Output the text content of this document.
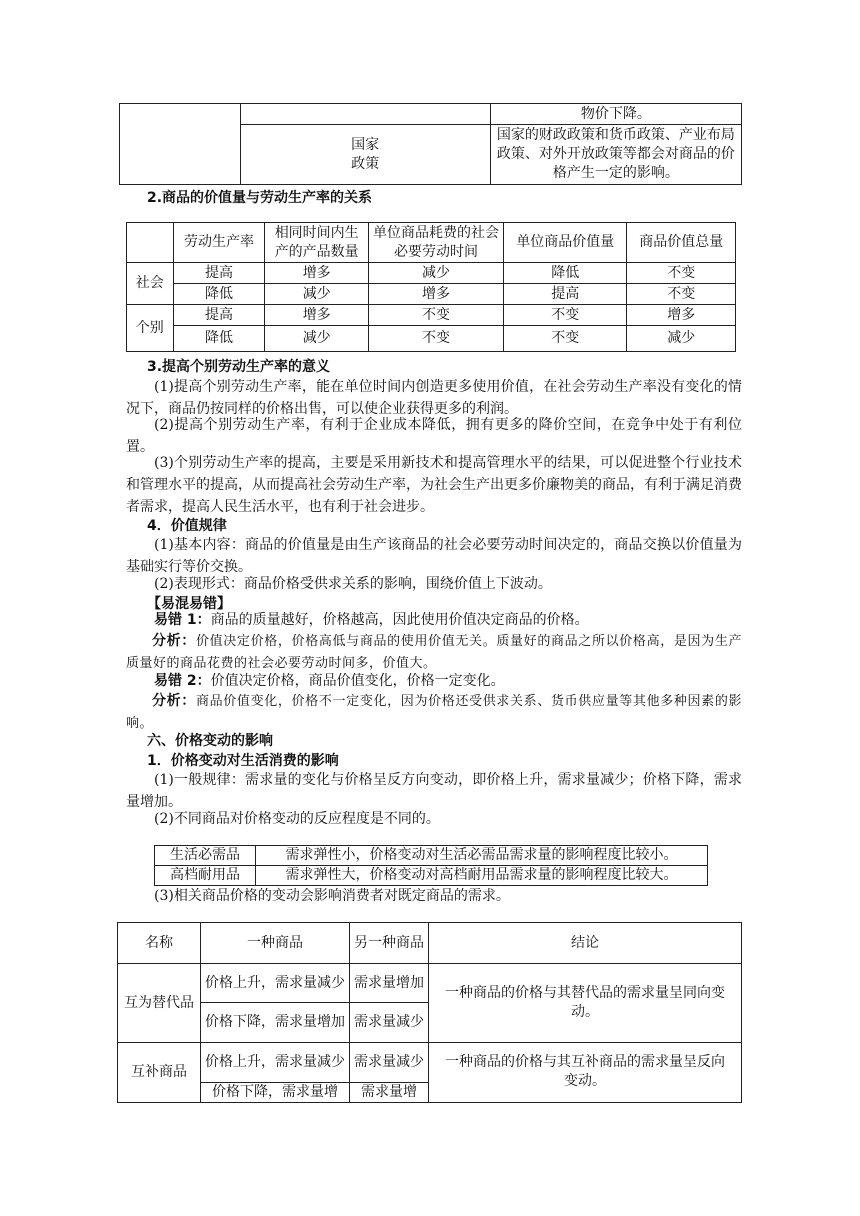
		物价下降。
	国家
政策	国家的财政政策和货币政策、产业布局政策、对外开放政策等都会对商品的价格产生一定的影响。
2.商品的价值量与劳动生产率的关系
	劳动生产率	相同时间内生产的产品数量	单位商品耗费的社会必要劳动时间	单位商品价值量	商品价值总量
社会	提高	增多	减少	降低	不变
	降低	减少	增多	提高	不变
个别	提高	增多	不变	不变	增多
	降低	减少	不变	不变	减少
3.提高个别劳动生产率的意义
(1)提高个别劳动生产率，能在单位时间内创造更多使用价值，在社会劳动生产率没有变化的情况下，商品仍按同样的价格出售，可以使企业获得更多的利润。
(2)提高个别劳动生产率，有利于企业成本降低，拥有更多的降价空间，在竞争中处于有利位置。
(3)个别劳动生产率的提高，主要是采用新技术和提高管理水平的结果，可以促进整个行业技术和管理水平的提高，从而提高社会劳动生产率，为社会生产出更多价廉物美的商品，有利于满足消费者需求，提高人民生活水平，也有利于社会进步。
4．价值规律
(1)基本内容：商品的价值量是由生产该商品的社会必要劳动时间决定的，商品交换以价值量为基础实行等价交换。
(2)表现形式：商品价格受供求关系的影响，围绕价值上下波动。
【易混易错】
易错 1：商品的质量越好，价格越高，因此使用价值决定商品的价格。
分析：价值决定价格，价格高低与商品的使用价值无关。质量好的商品之所以价格高，是因为生产质量好的商品花费的社会必要劳动时间多，价值大。
易错 2：价值决定价格，商品价值变化，价格一定变化。
分析：商品价值变化，价格不一定变化，因为价格还受供求关系、货币供应量等其他多种因素的影响。
六、价格变动的影响
1．价格变动对生活消费的影响
(1)一般规律：需求量的变化与价格呈反方向变动，即价格上升，需求量减少；价格下降，需求量增加。
(2)不同商品对价格变动的反应程度是不同的。
生活必需品	需求弹性小，价格变动对生活必需品需求量的影响程度比较小。
高档耐用品	需求弹性大，价格变动对高档耐用品需求量的影响程度比较大。
(3)相关商品价格的变动会影响消费者对既定商品的需求。
名称	一种商品	另一种商品	结论
互为替代品	价格上升，需求量减少	需求量增加	一种商品的价格与其替代品的需求量呈同向变动。
	价格下降，需求量增加	需求量减少	
互补商品	价格上升，需求量减少	需求量减少	一种商品的价格与其互补商品的需求量呈反向变动。
	价格下降，需求量增	需求量增	
